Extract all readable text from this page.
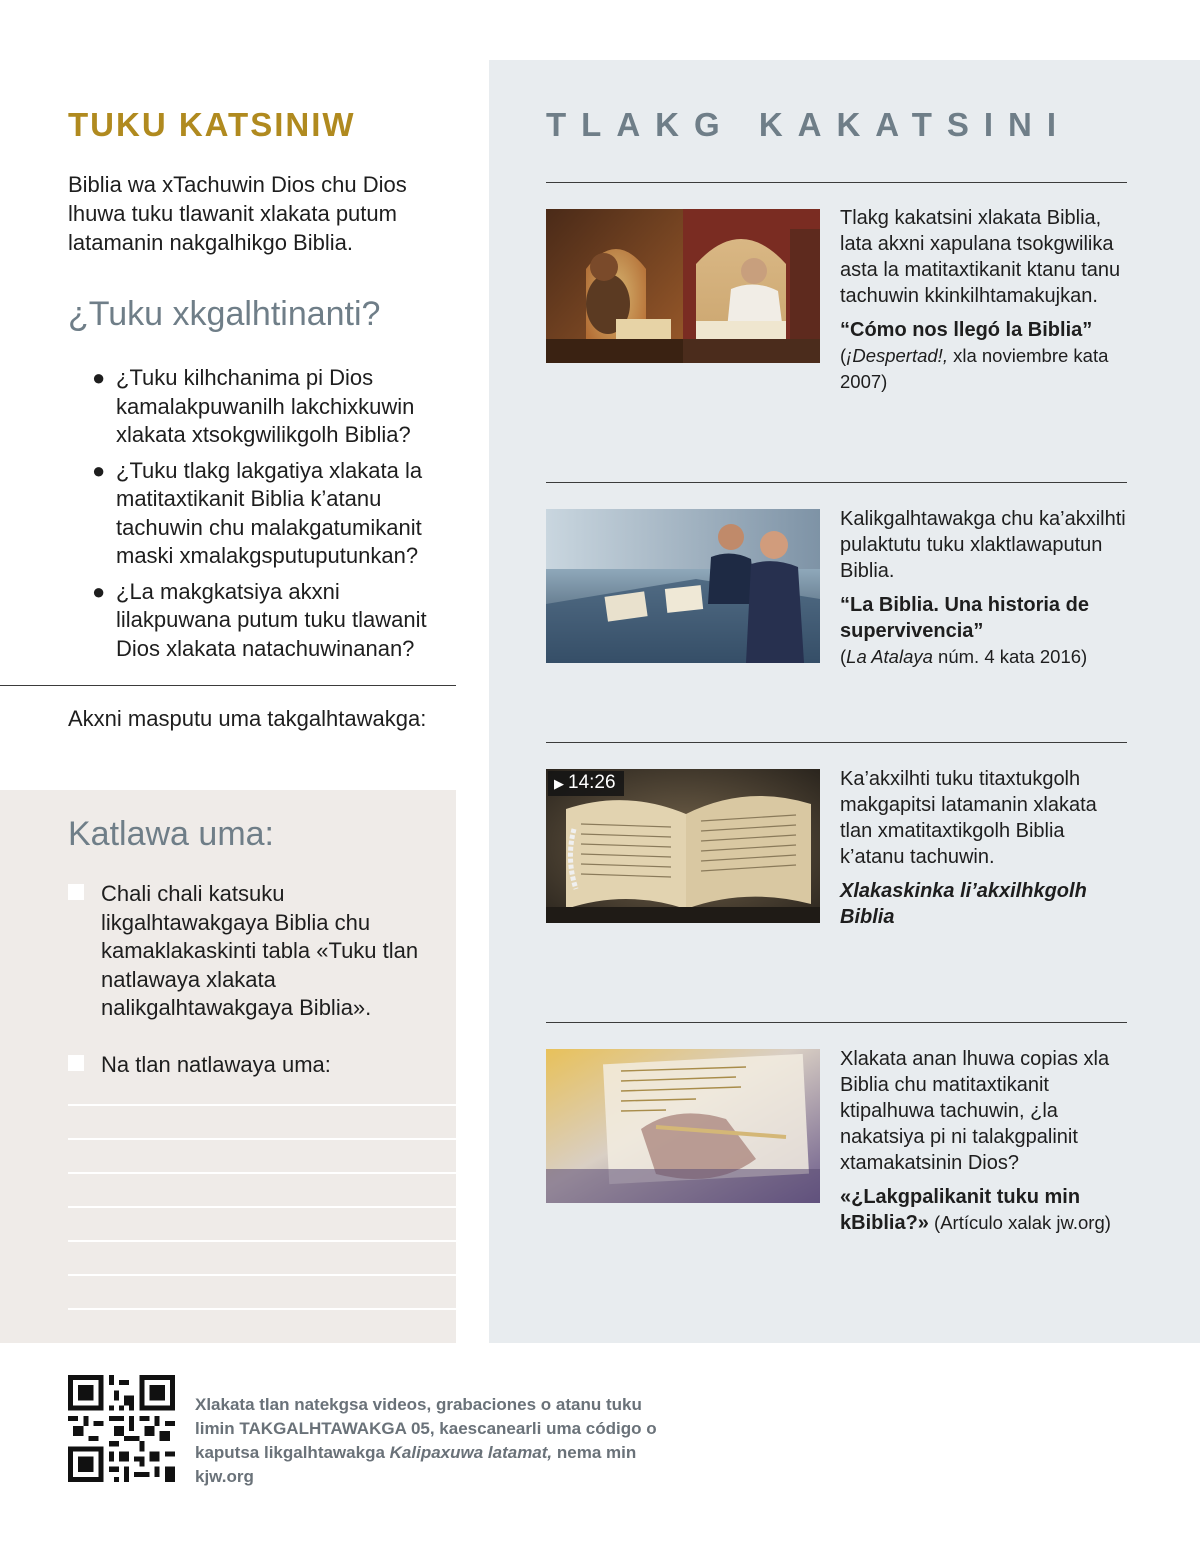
TUKU KATSINIW
Biblia wa xTachuwin Dios chu Dios lhuwa tuku tlawanit xlakata putum latamanin nakgalhikgo Biblia.
¿Tuku xkgalhtinanti?
● ¿Tuku kilhchanima pi Dios kamalakpuwanilh lakchixkuwin xlakata xtsokgwilikgolh Biblia?
● ¿Tuku tlakg lakgatiya xlakata la matitaxtikanit Biblia k’atanu tachuwin chu malakgatumikanit maski xmalakgsputuputunkan?
● ¿La makgkatsiya akxni lilakpuwana putum tuku tlawanit Dios xlakata natachuwinanan?
Akxni masputu uma takgalhtawakga:
Katlawa uma:
Chali chali katsuku likgalhtawakgaya Biblia chu kamaklakaskinti tabla «Tuku tlan natlawaya xlakata nalikgalhtawakgaya Biblia».
Na tlan natlawaya uma:
TLAKG KAKATSINI
Tlakg kakatsini xlakata Biblia, lata akxni xapulana tsokgwilika asta la matitaxtikanit ktanu tanu tachuwin kkinkilhtamakujkan.
“Cómo nos llegó la Biblia”
(¡Despertad!, xla noviembre kata 2007)
Kalikgalhtawakga chu ka’akxilhti pulaktutu tuku xlaktlawaputun Biblia.
“La Biblia. Una historia de supervivencia”
(La Atalaya núm. 4 kata 2016)
▶ 14:26	Ka’akxilhti tuku titaxtukgolh makgapitsi latamanin xlakata tlan xmatitaxtikgolh Biblia k’atanu tachuwin.
Xlakaskinka li’akxilhkgolh Biblia
Xlakata anan lhuwa copias xla Biblia chu matitaxtikanit ktipalhuwa tachuwin, ¿la nakatsiya pi ni talakgpalinit xtamakatsinin Dios?
«¿Lakgpalikanit tuku min kBiblia?» (Artículo xalak jw.org)
Xlakata tlan natekgsa videos, grabaciones o atanu tuku limin TAKGALHTAWAKGA 05, kaescanearli uma código o kaputsa likgalhtawakga Kalipaxuwa latamat, nema min kjw.org
